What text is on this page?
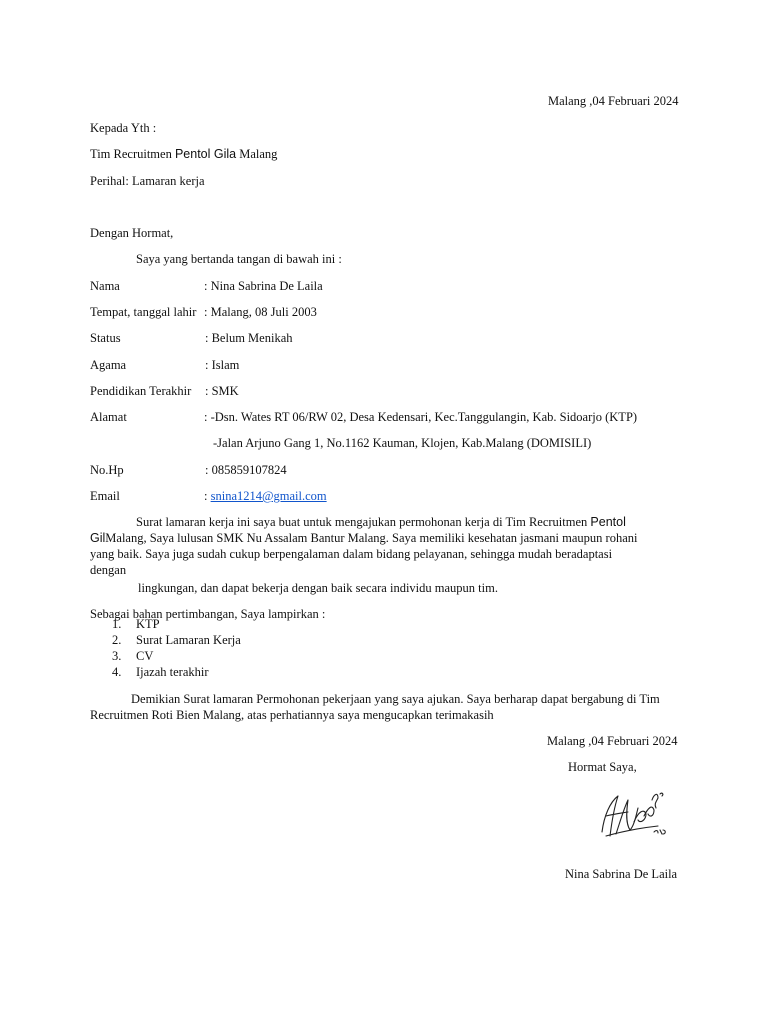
Malang ,04 Februari 2024
Kepada Yth :
Tim Recruitmen Pentol Gila Malang
Perihal: Lamaran kerja
Dengan Hormat,
Saya yang bertanda tangan di bawah ini :
Nama	: Nina Sabrina De Laila
Tempat, tanggal lahir : Malang, 08 Juli 2003
Status	: Belum Menikah
Agama	: Islam
Pendidikan Terakhir : SMK
Alamat	: -Dsn. Wates RT 06/RW 02, Desa Kedensari, Kec.Tanggulangin, Kab. Sidoarjo (KTP)
-Jalan Arjuno Gang 1, No.1162 Kauman, Klojen, Kab.Malang (DOMISILI)
No.Hp	: 085859107824
Email	: snina1214@gmail.com
Surat lamaran kerja ini saya buat untuk mengajukan permohonan kerja di Tim Recruitmen Pentol
GilMalang, Saya lulusan SMK Nu Assalam Bantur Malang. Saya memiliki kesehatan jasmani maupun rohani
yang baik. Saya juga sudah cukup berpengalaman dalam bidang pelayanan, sehingga mudah beradaptasi
dengan
lingkungan, dan dapat bekerja dengan baik secara individu maupun tim.
Sebagai bahan pertimbangan, Saya lampirkan :
1. KTP
2. Surat Lamaran Kerja
3. CV
4. Ijazah terakhir
Demikian Surat lamaran Permohonan pekerjaan yang saya ajukan. Saya berharap dapat bergabung di Tim
Recruitmen Roti Bien Malang, atas perhatiannya saya mengucapkan terimakasih
Malang ,04 Februari 2024
Hormat Saya,
Nina Sabrina De Laila
